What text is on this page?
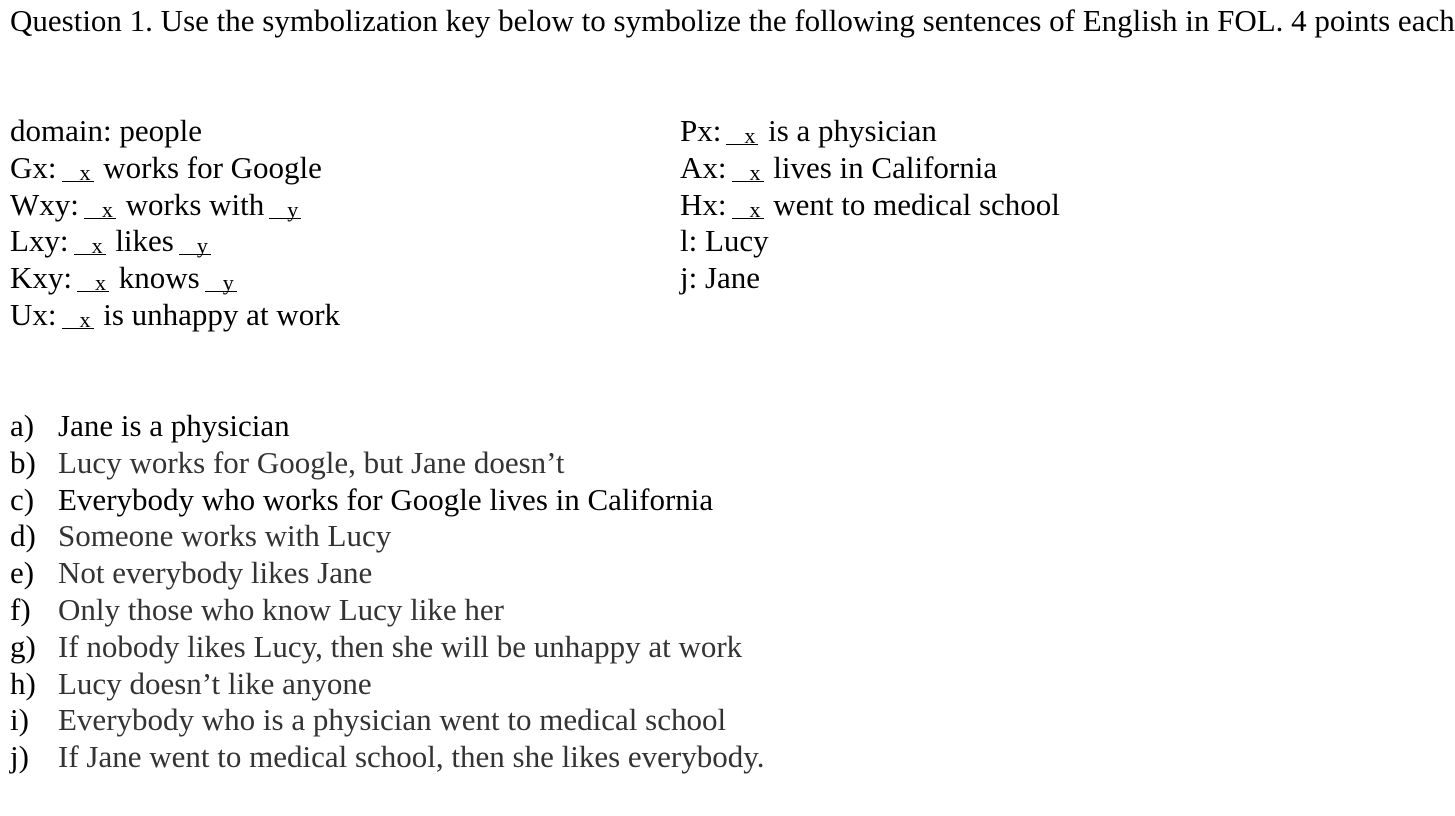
Question 1. Use the symbolization key below to symbolize the following sentences of English in FOL. 4 points each
domain: people
Gx: x works for Google
Wxy: x works with y
Lxy: x likes y
Kxy: x knows y
Ux: x is unhappy at work
Px: x is a physician
Ax: x lives in California
Hx: x went to medical school
l: Lucy
j: Jane
a) Jane is a physician
b) Lucy works for Google, but Jane doesn’t
c) Everybody who works for Google lives in California
d) Someone works with Lucy
e) Not everybody likes Jane
f) Only those who know Lucy like her
g) If nobody likes Lucy, then she will be unhappy at work
h) Lucy doesn’t like anyone
i) Everybody who is a physician went to medical school
j) If Jane went to medical school, then she likes everybody.
